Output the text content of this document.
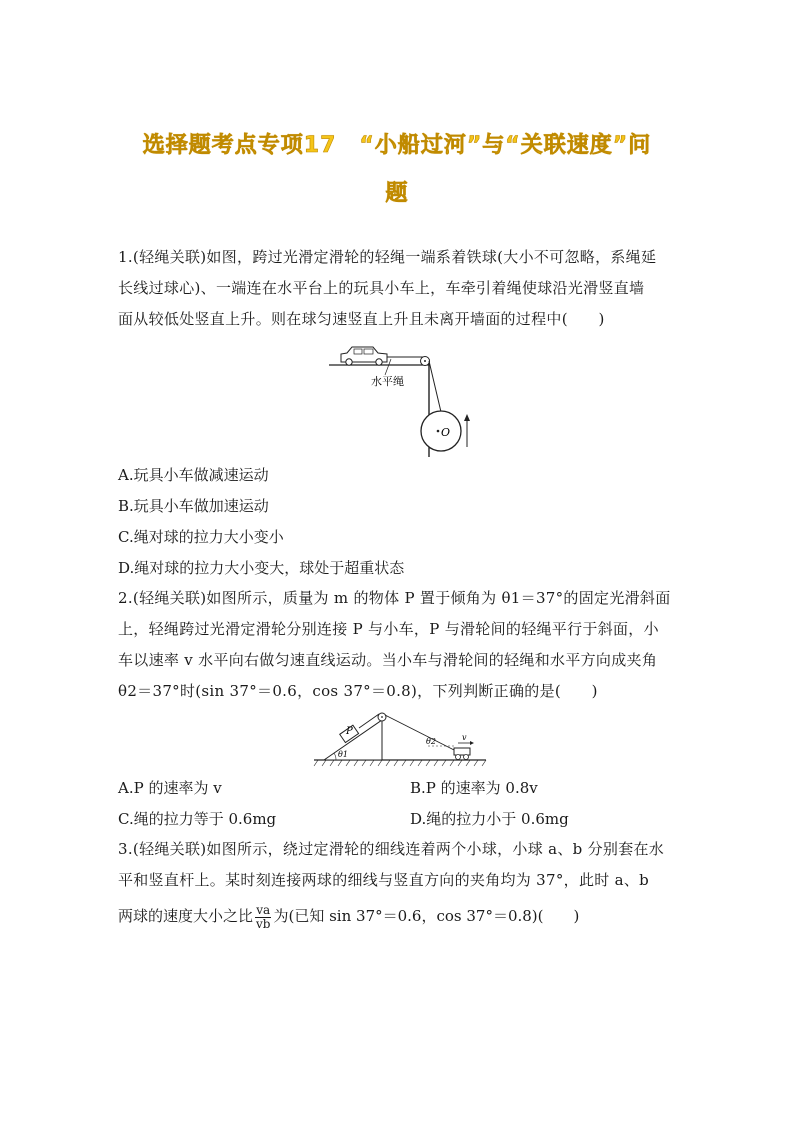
选择题考点专项17　“小船过河”与“关联速度”问
题
1.(轻绳关联)如图，跨过光滑定滑轮的轻绳一端系着铁球(大小不可忽略，系绳延
长线过球心)、一端连在水平台上的玩具小车上，车牵引着绳使球沿光滑竖直墙
面从较低处竖直上升。则在球匀速竖直上升且未离开墙面的过程中(　　)
O
水平绳
A.玩具小车做减速运动
B.玩具小车做加速运动
C.绳对球的拉力大小变小
D.绳对球的拉力大小变大，球处于超重状态
2.(轻绳关联)如图所示，质量为 m 的物体 P 置于倾角为 θ1＝37°的固定光滑斜面
上，轻绳跨过光滑定滑轮分别连接 P 与小车，P 与滑轮间的轻绳平行于斜面，小
车以速率 v 水平向右做匀速直线运动。当小车与滑轮间的轻绳和水平方向成夹角
θ2＝37°时(sin 37°＝0.6，cos 37°＝0.8)，下列判断正确的是(　　)
P
v
θ1
θ2
A.P 的速率为 v	B.P 的速率为 0.8v
C.绳的拉力等于 0.6mg	D.绳的拉力小于 0.6mg
3.(轻绳关联)如图所示，绕过定滑轮的细线连着两个小球，小球 a、b 分别套在水
平和竖直杆上。某时刻连接两球的细线与竖直方向的夹角均为 37°，此时 a、b
两球的速度大小之比 $\frac{va}{vb}$ 为(已知 sin 37°＝0.6，cos 37°＝0.8)(　　)
